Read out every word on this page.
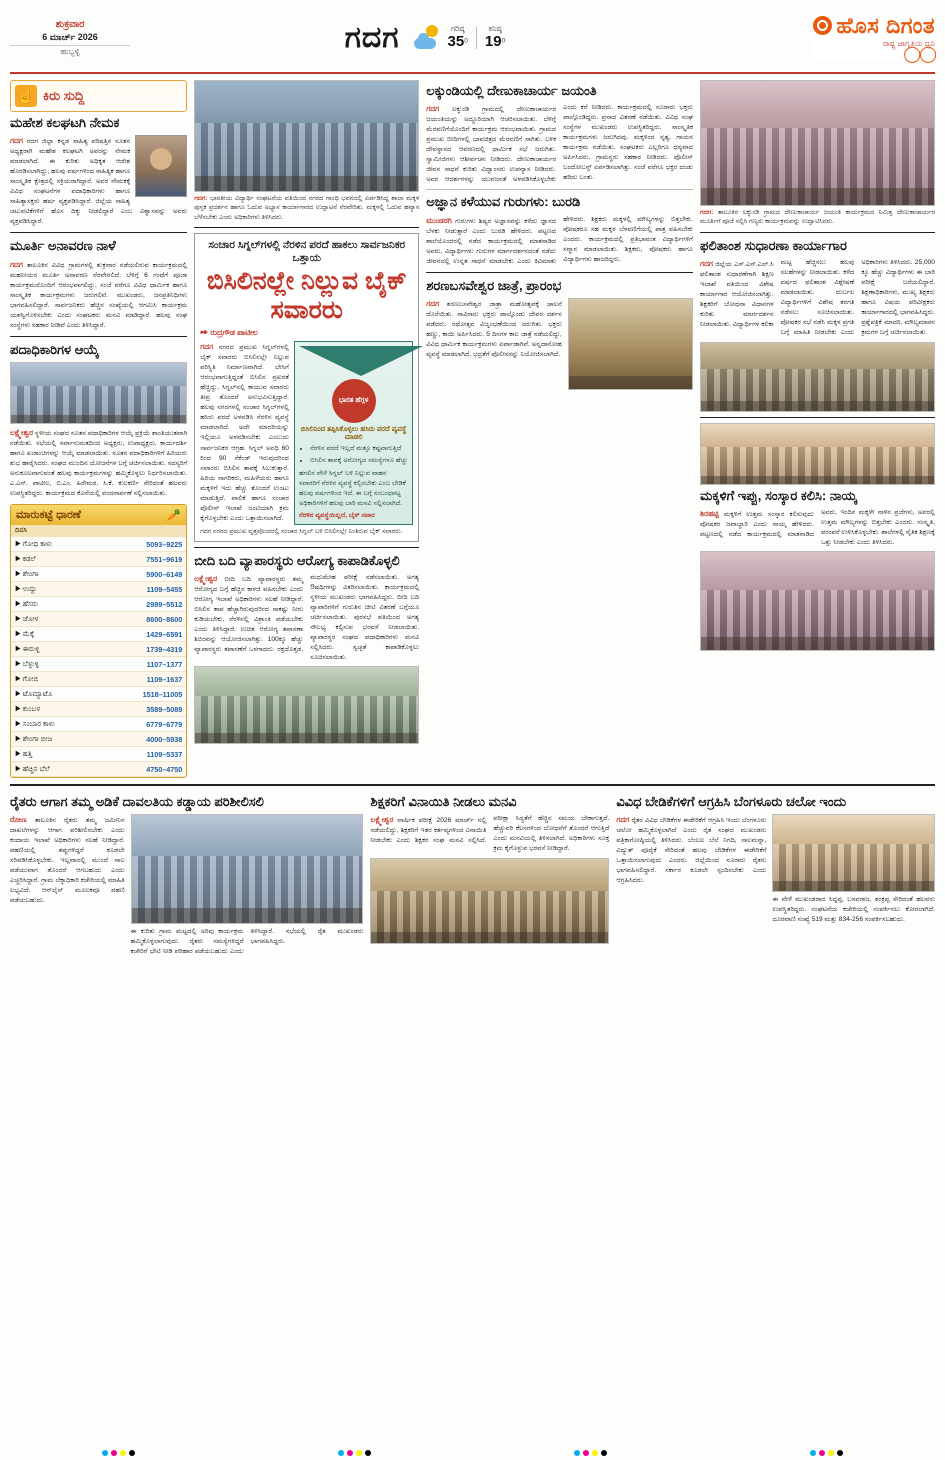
ಶುಕ್ರವಾರ
6 ಮಾರ್ಚ್ 2026
ಹುಬ್ಬಳ್ಳಿ	ಗದಗ	ಗರಿಷ್ಠ
$35^0$
ಕನಿಷ್ಠ
$19^0$
ಹೊಸ ದಿಗಂತ
ರಾಷ್ಟ್ರ ಜಾಗೃತಿಯ ಧ್ವನಿ
◯◯
☝
ಕಿರು ಸುದ್ದಿ
ಮಹೇಶ ಕಲಘಟಗಿ ನೇಮಕ
ಗದಗ ಗದಗ ಜಿಲ್ಲಾ ಕನ್ನಡ ಸಾಹಿತ್ಯ ಪರಿಷತ್ತಿನ ನೂತನ ಅಧ್ಯಕ್ಷರಾಗಿ ಮಹೇಶ ಕಲಘಟಗಿ ಅವರನ್ನು ನೇಮಕ ಮಾಡಲಾಗಿದೆ. ಈ ಕುರಿತು ಅಧಿಕೃತ ಆದೇಶ ಹೊರಡಿಸಲಾಗಿದ್ದು, ಹಲವು ವರ್ಷಗಳಿಂದ ಸಾಹಿತ್ಯಿಕ ಹಾಗೂ ಸಾಂಸ್ಕೃತಿಕ ಕ್ಷೇತ್ರದಲ್ಲಿ ಸಕ್ರಿಯರಾಗಿದ್ದಾರೆ. ಅವರ ನೇಮಕಕ್ಕೆ ವಿವಿಧ ಸಂಘಟನೆಗಳ ಪದಾಧಿಕಾರಿಗಳು ಹಾಗೂ ಸಾಹಿತ್ಯಾಸಕ್ತರು ಹರ್ಷ ವ್ಯಕ್ತಪಡಿಸಿದ್ದಾರೆ. ಜಿಲ್ಲೆಯ ಸಾಹಿತ್ಯ ಚಟುವಟಿಕೆಗಳಿಗೆ ಹೊಸ ದಿಕ್ಕು ನೀಡಲಿದ್ದಾರೆ ಎಂಬ ವಿಶ್ವಾಸವನ್ನು ಅವರು ವ್ಯಕ್ತಪಡಿಸಿದ್ದಾರೆ.
ಮೂರ್ತಿ ಅನಾವರಣ ನಾಳೆ
ಗದಗ ತಾಲೂಕಿನ ವಿವಿಧ ಗ್ರಾಮಗಳಲ್ಲಿ ಶುಕ್ರವಾರ ನಡೆಯಲಿರುವ ಕಾರ್ಯಕ್ರಮದಲ್ಲಿ ಮಹನೀಯರ ಮೂರ್ತಿ ಅನಾವರಣ ನೆರವೇರಲಿದೆ. ಬೆಳಿಗ್ಗೆ 6 ಗಂಟೆಗೆ ಪೂಜಾ ಕಾರ್ಯಕ್ರಮದೊಂದಿಗೆ ಆರಂಭವಾಗಲಿದ್ದು, ಸಂಜೆ ವರೆಗೂ ವಿವಿಧ ಧಾರ್ಮಿಕ ಹಾಗೂ ಸಾಂಸ್ಕೃತಿಕ ಕಾರ್ಯಕ್ರಮಗಳು ಜರುಗಲಿವೆ. ಮುಖಂಡರು, ಜನಪ್ರತಿನಿಧಿಗಳು ಭಾಗವಹಿಸಲಿದ್ದಾರೆ. ಸಾರ್ವಜನಿಕರು ಹೆಚ್ಚಿನ ಸಂಖ್ಯೆಯಲ್ಲಿ ಆಗಮಿಸಿ ಕಾರ್ಯಕ್ರಮ ಯಶಸ್ವಿಗೊಳಿಸಬೇಕು ಎಂದು ಸಂಘಟಕರು ಮನವಿ ಮಾಡಿದ್ದಾರೆ. ಹಲವು ಸಂಘ ಸಂಸ್ಥೆಗಳು ಸಹಕಾರ ನೀಡಿವೆ ಎಂದು ತಿಳಿಸಿದ್ದಾರೆ.
ಪದಾಧಿಕಾರಿಗಳ ಆಯ್ಕೆ
ಲಕ್ಷ್ಮೇಶ್ವರ ಸ್ಥಳೀಯ ಸಂಘದ ನೂತನ ಪದಾಧಿಕಾರಿಗಳ ಆಯ್ಕೆ ಪ್ರಕ್ರಿಯೆ ಶಾಂತಿಯುತವಾಗಿ ನಡೆಯಿತು. ಸಭೆಯಲ್ಲಿ ಸರ್ವಾನುಮತದಿಂದ ಅಧ್ಯಕ್ಷರು, ಉಪಾಧ್ಯಕ್ಷರು, ಕಾರ್ಯದರ್ಶಿ ಹಾಗೂ ಖಜಾಂಚಿಗಳನ್ನು ಆಯ್ಕೆ ಮಾಡಲಾಯಿತು. ನೂತನ ಪದಾಧಿಕಾರಿಗಳಿಗೆ ಹಿರಿಯರು ಶುಭ ಹಾರೈಸಿದರು. ಸಂಘದ ಮುಂದಿನ ಯೋಜನೆಗಳ ಬಗ್ಗೆ ಚರ್ಚಿಸಲಾಯಿತು. ಸದಸ್ಯರಿಗೆ ಅನುಕೂಲವಾಗುವಂತೆ ಹಲವು ಕಾರ್ಯಕ್ರಮಗಳನ್ನು ಹಮ್ಮಿಕೊಳ್ಳಲು ನಿರ್ಧರಿಸಲಾಯಿತು. ಎ.ಎಸ್. ಪಾಟೀಲ, ಬಿ.ಎಂ. ಹಿರೇಮಠ, ಸಿ.ಕೆ. ಕುಲಕರ್ಣಿ ಸೇರಿದಂತೆ ಹಲವರು ಉಪಸ್ಥಿತರಿದ್ದರು. ಕಾರ್ಯಕ್ರಮದ ಕೊನೆಯಲ್ಲಿ ವಂದನಾರ್ಪಣೆ ಸಲ್ಲಿಸಲಾಯಿತು.
ಮಾರುಕಟ್ಟೆ ಧಾರಣೆ	🥕
ದಿನಸಿ	
▶ ಗೋಧಿ ಕಾಳು	5093–9225
▶ ಕಡಲೆ	7551–9619
▶ ಶೇಂಗಾ	5900–6149
▶ ಉದ್ದು	1109–5455
▶ ಹೆಸರು	2989–5512
▶ ಜೋಳ	8600–8600
▶ ಮೆಕ್ಕೆ	1429–6591
▶ ಈರುಳ್ಳಿ	1739–4319
▶ ಬೆಳ್ಳುಳ್ಳಿ	1107–1377
▶ ಗೋಬಿ	1109–1637
▶ ಟೊಮ್ಯಾಟೊ	1518–11005
▶ ಕುಂಬಳ	3589–5089
▶ ಸಂಬಾರ ಕಾಳು	6779–6779
▶ ಶೇಂಗಾ ಬೀಜ	4000–5938
▶ ಹತ್ತಿ	1109–5337
▶ ಹೆಚ್ಚಿನ ಬೆಲೆ	4750–4750
ಗದಗ: ಭಾರತೀಯ ವಿದ್ಯಾರ್ಥಿ ಸಂಘಟನೆಯ ವತಿಯಿಂದ ನಗರದ ಗಾಂಧಿ ಭವನದಲ್ಲಿ ಏರ್ಪಡಿಸಿದ್ದ ಶಾಲಾ ಮಕ್ಕಳ ಪುಸ್ತಕ ಪ್ರದರ್ಶನ ಹಾಗೂ ಓದುವ ಅಭ್ಯಾಸ ಕಾರ್ಯಾಗಾರದ ಉದ್ಘಾಟನೆ ನೆರವೇರಿತು. ಮಕ್ಕಳಲ್ಲಿ ಓದುವ ಹವ್ಯಾಸ ಬೆಳೆಸಬೇಕು ಎಂದು ಅಧಿಕಾರಿಗಳು ತಿಳಿಸಿದರು.
ಸಂಚಾರ ಸಿಗ್ನಲ್‌ಗಳಲ್ಲಿ ನೆರಳಿನ ಪರದೆ ಹಾಕಲು ಸಾರ್ವಜನಿಕರ ಒತ್ತಾಯ
ಬಿಸಿಲಿನಲ್ಲೇ ನಿಲ್ಲುವ ಬೈಕ್ ಸವಾರರು
✒ ರುದ್ರಗೌಡ ಪಾಟೀಲ
ಗದಗ ನಗರದ ಪ್ರಮುಖ ಸಿಗ್ನಲ್‌ಗಳಲ್ಲಿ ಬೈಕ್ ಸವಾರರು ಬಿಸಿಲಿನಲ್ಲೇ ನಿಲ್ಲುವ ಪರಿಸ್ಥಿತಿ ನಿರ್ಮಾಣವಾಗಿದೆ. ಬೇಸಿಗೆ ಆರಂಭವಾಗುತ್ತಿದ್ದಂತೆ ಬಿಸಿಲಿನ ಪ್ರಖರತೆ ಹೆಚ್ಚಿದ್ದು, ಸಿಗ್ನಲ್‌ನಲ್ಲಿ ಕಾಯುವ ಸವಾರರು ತೀವ್ರ ತೊಂದರೆ ಅನುಭವಿಸುತ್ತಿದ್ದಾರೆ. ಹಲವು ನಗರಗಳಲ್ಲಿ ಸಂಚಾರ ಸಿಗ್ನಲ್‌ಗಳಲ್ಲಿ ಹಸಿರು ಪರದೆ ಅಳವಡಿಸಿ ನೆರಳಿನ ವ್ಯವಸ್ಥೆ ಮಾಡಲಾಗಿದೆ. ಅದೇ ಮಾದರಿಯನ್ನು ಇಲ್ಲಿಯೂ ಅಳವಡಿಸಬೇಕು ಎಂಬುದು ಸಾರ್ವಜನಿಕರ ಆಗ್ರಹ. ಸಿಗ್ನಲ್ ಅವಧಿ 60 ರಿಂದ 90 ಸೆಕೆಂಡ್ ಇರುವುದರಿಂದ ಸವಾರರು ಬಿಸಿಲಿನ ತಾಪಕ್ಕೆ ಸಿಲುಕುತ್ತಾರೆ. ಹಿರಿಯ ನಾಗರಿಕರು, ಮಹಿಳೆಯರು ಹಾಗೂ ಮಕ್ಕಳಿಗೆ ಇದು ಹೆಚ್ಚು ತೊಂದರೆ ಉಂಟು ಮಾಡುತ್ತಿದೆ. ಪಾಲಿಕೆ ಹಾಗೂ ಸಂಚಾರ ಪೊಲೀಸ್ ಇಲಾಖೆ ಜಂಟಿಯಾಗಿ ಕ್ರಮ ಕೈಗೊಳ್ಳಬೇಕು ಎಂದು ಒತ್ತಾಯಿಸಲಾಗಿದೆ.
ಭಾರತ ಹೆಗ್ಗಳ
ಬಿಸಿಲಿನಿಂದ ತಪ್ಪಿಸಿಕೊಳ್ಳಲು ಹಸಿರು ಪರದೆ ವ್ಯವಸ್ಥೆ ಮಾಡಲಿ
• ನೆರಳಿನ ಪರದೆ ಇಲ್ಲದೆ ಮತ್ತೂ ಕಷ್ಟವಾಗುತ್ತಿದೆ
• ಬಿಸಿಲಿನ ತಾಪಕ್ಕೆ ಅರೋಗ್ಯದ ಸಮಸ್ಯೆಗಳೂ ಹೆಚ್ಚು
ಹಗಲಿನ ವೇಳೆ ಸಿಗ್ನಲ್ ಬಳಿ ನಿಲ್ಲುವ ವಾಹನ ಸವಾರರಿಗೆ ನೆರಳಿನ ವ್ಯವಸ್ಥೆ ಕಲ್ಪಿಸಬೇಕು ಎಂಬ ಬೇಡಿಕೆ ಹಲವು ವರ್ಷಗಳಿಂದ ಇದೆ. ಈ ಬಗ್ಗೆ ಸಂಬಂಧಪಟ್ಟ ಅಧಿಕಾರಿಗಳಿಗೆ ಹಲವು ಬಾರಿ ಮನವಿ ಸಲ್ಲಿಸಲಾಗಿದೆ.
ನೆರಳಿನ ವ್ಯವಸ್ಥೆಯಿಲ್ಲದೆ, ಬೈಕ್ ಸವಾರ
ಗದಗ ನಗರದ ಪ್ರಮುಖ ವೃತ್ತವೊಂದರಲ್ಲಿ ಸಂಚಾರ ಸಿಗ್ನಲ್ ಬಳಿ ಬಿಸಿಲಿನಲ್ಲೇ ನಿಂತಿರುವ ಬೈಕ್ ಸವಾರರು.
ಬೀದಿ ಬದಿ ವ್ಯಾಪಾರಸ್ಥರು ಆರೋಗ್ಯ ಕಾಪಾಡಿಕೊಳ್ಳಲಿ
ಲಕ್ಷ್ಮೇಶ್ವರ ಬೀದಿ ಬದಿ ವ್ಯಾಪಾರಸ್ಥರು ತಮ್ಮ ಆರೋಗ್ಯದ ಬಗ್ಗೆ ಹೆಚ್ಚಿನ ಕಾಳಜಿ ವಹಿಸಬೇಕು ಎಂದು ಆರೋಗ್ಯ ಇಲಾಖೆ ಅಧಿಕಾರಿಗಳು ಸಲಹೆ ನೀಡಿದ್ದಾರೆ. ಬಿಸಿಲಿನ ತಾಪ ಹೆಚ್ಚಾಗಿರುವುದರಿಂದ ಸಾಕಷ್ಟು ನೀರು ಕುಡಿಯಬೇಕು, ನೆರಳಿನಲ್ಲಿ ವಿಶ್ರಾಂತಿ ಪಡೆಯಬೇಕು ಎಂದು ತಿಳಿಸಿದ್ದಾರೆ. ಉಚಿತ ಆರೋಗ್ಯ ತಪಾಸಣಾ ಶಿಬಿರವನ್ನು ಆಯೋಜಿಸಲಾಗಿತ್ತು. 100ಕ್ಕೂ ಹೆಚ್ಚು ವ್ಯಾಪಾರಸ್ಥರು ತಪಾಸಣೆಗೆ ಒಳಗಾದರು. ರಕ್ತದೊತ್ತಡ, ಮಧುಮೇಹ ಪರೀಕ್ಷೆ ನಡೆಸಲಾಯಿತು. ಅಗತ್ಯ ಔಷಧಿಗಳನ್ನು ವಿತರಿಸಲಾಯಿತು. ಕಾರ್ಯಕ್ರಮದಲ್ಲಿ ಸ್ಥಳೀಯ ಮುಖಂಡರು ಭಾಗವಹಿಸಿದ್ದರು. ಬೀದಿ ಬದಿ ವ್ಯಾಪಾರಿಗಳಿಗೆ ಗುರುತಿನ ಚೀಟಿ ವಿತರಣೆ ಬಗ್ಗೆಯೂ ಚರ್ಚಿಸಲಾಯಿತು. ಪುರಸಭೆ ವತಿಯಿಂದ ಅಗತ್ಯ ಸೌಲಭ್ಯ ಕಲ್ಪಿಸುವ ಭರವಸೆ ನೀಡಲಾಯಿತು. ವ್ಯಾಪಾರಸ್ಥರ ಸಂಘದ ಪದಾಧಿಕಾರಿಗಳು ಮನವಿ ಸಲ್ಲಿಸಿದರು. ಸ್ವಚ್ಛತೆ ಕಾಪಾಡಿಕೊಳ್ಳಲು ಸೂಚಿಸಲಾಯಿತು.
ಲಕ್ಕುಂಡಿಯಲ್ಲಿ ದೇಣುಕಾಚಾರ್ಯ ಜಯಂತಿ
ಗದಗ ಲಕ್ಕುಂಡಿ ಗ್ರಾಮದಲ್ಲಿ ದೇಣುಕಾಚಾರ್ಯರ ಜಯಂತಿಯನ್ನು ಅದ್ಧೂರಿಯಾಗಿ ಆಚರಿಸಲಾಯಿತು. ಬೆಳಿಗ್ಗೆ ಮೆರವಣಿಗೆಯೊಂದಿಗೆ ಕಾರ್ಯಕ್ರಮ ಆರಂಭವಾಯಿತು. ಗ್ರಾಮದ ಪ್ರಮುಖ ಬೀದಿಗಳಲ್ಲಿ ಭಾವಚಿತ್ರದ ಮೆರವಣಿಗೆ ಸಾಗಿತು. ಬಳಿಕ ದೇವಸ್ಥಾನದ ಆವರಣದಲ್ಲಿ ಧಾರ್ಮಿಕ ಸಭೆ ಜರುಗಿತು. ಸ್ವಾಮೀಜಿಗಳು ಆಶೀರ್ವಚನ ನೀಡಿದರು. ದೇಣುಕಾಚಾರ್ಯರ ಜೀವನ ಸಾಧನೆ ಕುರಿತು ವಿದ್ವಾಂಸರು ಉಪನ್ಯಾಸ ನೀಡಿದರು. ಅವರ ಆದರ್ಶಗಳನ್ನು ಯುವಜನತೆ ಅಳವಡಿಸಿಕೊಳ್ಳಬೇಕು ಎಂದು ಕರೆ ನೀಡಿದರು. ಕಾರ್ಯಕ್ರಮದಲ್ಲಿ ನೂರಾರು ಭಕ್ತರು ಪಾಲ್ಗೊಂಡಿದ್ದರು. ಪ್ರಸಾದ ವಿತರಣೆ ನಡೆಯಿತು. ವಿವಿಧ ಸಂಘ ಸಂಸ್ಥೆಗಳ ಮುಖಂಡರು ಉಪಸ್ಥಿತರಿದ್ದರು. ಸಾಂಸ್ಕೃತಿಕ ಕಾರ್ಯಕ್ರಮಗಳು ಜರುಗಿದವು. ಮಕ್ಕಳಿಂದ ನೃತ್ಯ, ಗಾಯನ ಕಾರ್ಯಕ್ರಮ ನಡೆಯಿತು. ಸಂಘಟಕರು ಎಲ್ಲರಿಗೂ ಧನ್ಯವಾದ ಅರ್ಪಿಸಿದರು. ಗ್ರಾಮಸ್ಥರು ಸಹಕಾರ ನೀಡಿದರು. ಪೊಲೀಸ್ ಬಂದೋಬಸ್ತ್ ಏರ್ಪಡಿಸಲಾಗಿತ್ತು. ಸಂಜೆ ವರೆಗೂ ಭಕ್ತರ ದಂಡು ಹರಿದು ಬಂತು.
ಅಜ್ಞಾನ ಕಳೆಯುವ ಗುರುಗಳು: ಬುರಡಿ
ಮುಂಡರಗಿ ಗುರುಗಳು ಶಿಷ್ಯರ ಅಜ್ಞಾನವನ್ನು ಕಳೆದು ಜ್ಞಾನದ ಬೆಳಕು ನೀಡುತ್ತಾರೆ ಎಂದು ಬುರಡಿ ಹೇಳಿದರು. ಪಟ್ಟಣದ ಶಾಲೆಯೊಂದರಲ್ಲಿ ನಡೆದ ಕಾರ್ಯಕ್ರಮದಲ್ಲಿ ಮಾತನಾಡಿದ ಅವರು, ವಿದ್ಯಾರ್ಥಿಗಳು ಗುರುಗಳ ಮಾರ್ಗದರ್ಶನದಂತೆ ನಡೆದು ಜೀವನದಲ್ಲಿ ಉನ್ನತ ಸಾಧನೆ ಮಾಡಬೇಕು ಎಂದು ಕಿವಿಮಾತು ಹೇಳಿದರು. ಶಿಕ್ಷಕರು ಮಕ್ಕಳಲ್ಲಿ ಮೌಲ್ಯಗಳನ್ನು ಬಿತ್ತಬೇಕು. ಪೋಷಕರೂ ಸಹ ಮಕ್ಕಳ ಬೆಳವಣಿಗೆಯಲ್ಲಿ ಪಾತ್ರ ವಹಿಸಬೇಕು ಎಂದರು. ಕಾರ್ಯಕ್ರಮದಲ್ಲಿ ಪ್ರತಿಭಾವಂತ ವಿದ್ಯಾರ್ಥಿಗಳಿಗೆ ಸನ್ಮಾನ ಮಾಡಲಾಯಿತು. ಶಿಕ್ಷಕರು, ಪೋಷಕರು ಹಾಗೂ ವಿದ್ಯಾರ್ಥಿಗಳು ಹಾಜರಿದ್ದರು.
ಶರಣಬಸವೇಶ್ವರ ಜಾತ್ರೆ, ಪ್ರಾರಂಭ
ಗದಗ ಶರಣಬಸವೇಶ್ವರ ಜಾತ್ರಾ ಮಹೋತ್ಸವಕ್ಕೆ ಚಾಲನೆ ದೊರೆಯಿತು. ಸಾವಿರಾರು ಭಕ್ತರು ಪಾಲ್ಗೊಂಡು ದೇವರ ದರ್ಶನ ಪಡೆದರು. ರಥೋತ್ಸವ ವಿಜೃಂಭಣೆಯಿಂದ ಜರುಗಿತು. ಭಕ್ತರು ಹಣ್ಣು, ಕಾಯಿ ಅರ್ಪಿಸಿದರು. 5 ದಿನಗಳ ಕಾಲ ಜಾತ್ರೆ ನಡೆಯಲಿದ್ದು, ವಿವಿಧ ಧಾರ್ಮಿಕ ಕಾರ್ಯಕ್ರಮಗಳು ಏರ್ಪಾಡಾಗಿವೆ. ಅನ್ನದಾಸೋಹ ವ್ಯವಸ್ಥೆ ಮಾಡಲಾಗಿದೆ. ಭದ್ರತೆಗೆ ಪೊಲೀಸರನ್ನು ನಿಯೋಜಿಸಲಾಗಿದೆ.
ಗದಗ: ತಾಲೂಕಿನ ಲಕ್ಕುಂಡಿ ಗ್ರಾಮದ ದೇಣುಕಾಚಾರ್ಯ ಜಯಂತಿ ಕಾರ್ಯಕ್ರಮದ ನಿಮಿತ್ತ ದೇಣುಕಾಚಾರ್ಯರ ಮೂರ್ತಿಗೆ ಪೂಜೆ ಸಲ್ಲಿಸಿ ಗಣ್ಯರು ಕಾರ್ಯಕ್ರಮವನ್ನು ಉದ್ಘಾಟಿಸಿದರು.
ಫಲಿತಾಂಶ ಸುಧಾರಣಾ ಕಾರ್ಯಾಗಾರ
ಗದಗ ಜಿಲ್ಲೆಯ ಎಸ್.ಎಸ್.ಎಲ್.ಸಿ ಫಲಿತಾಂಶ ಸುಧಾರಣೆಗಾಗಿ ಶಿಕ್ಷಣ ಇಲಾಖೆ ವತಿಯಿಂದ ವಿಶೇಷ ಕಾರ್ಯಾಗಾರ ಆಯೋಜಿಸಲಾಗಿತ್ತು. ಶಿಕ್ಷಕರಿಗೆ ಬೋಧನಾ ವಿಧಾನಗಳ ಕುರಿತು ಮಾರ್ಗದರ್ಶನ ನೀಡಲಾಯಿತು. ವಿದ್ಯಾರ್ಥಿಗಳ ಕಲಿಕಾ ಮಟ್ಟ ಹೆಚ್ಚಿಸಲು ಹಲವು ಸಲಹೆಗಳನ್ನು ನೀಡಲಾಯಿತು. ಕಳೆದ ವರ್ಷದ ಫಲಿತಾಂಶ ವಿಶ್ಲೇಷಣೆ ಮಾಡಲಾಯಿತು. ದುರ್ಬಲ ವಿದ್ಯಾರ್ಥಿಗಳಿಗೆ ವಿಶೇಷ ತರಗತಿ ನಡೆಸಲು ಸೂಚಿಸಲಾಯಿತು. ಪೋಷಕರ ಸಭೆ ನಡೆಸಿ ಮಕ್ಕಳ ಪ್ರಗತಿ ಬಗ್ಗೆ ಮಾಹಿತಿ ನೀಡಬೇಕು ಎಂದು ಅಧಿಕಾರಿಗಳು ತಿಳಿಸಿದರು. 25,000 ಕ್ಕೂ ಹೆಚ್ಚು ವಿದ್ಯಾರ್ಥಿಗಳು ಈ ಬಾರಿ ಪರೀಕ್ಷೆ ಬರೆಯಲಿದ್ದಾರೆ. ಶಿಕ್ಷಣಾಧಿಕಾರಿಗಳು, ಮುಖ್ಯ ಶಿಕ್ಷಕರು ಹಾಗೂ ವಿಷಯ ಪರಿವೀಕ್ಷಕರು ಕಾರ್ಯಾಗಾರದಲ್ಲಿ ಭಾಗವಹಿಸಿದ್ದರು. ಪ್ರಶ್ನೆಪತ್ರಿಕೆ ಮಾದರಿ, ಮೌಲ್ಯಮಾಪನ ಕ್ರಮಗಳ ಬಗ್ಗೆ ಚರ್ಚಿಸಲಾಯಿತು.
ಮಕ್ಕಳಿಗೆ ಇಪ್ಪು, ಸಂಸ್ಕಾರ ಕಲಿಸಿ: ನಾಯ್ಕ
ಶಿರಹಟ್ಟಿ ಮಕ್ಕಳಿಗೆ ಉತ್ತಮ ಸಂಸ್ಕಾರ ಕಲಿಸುವುದು ಪೋಷಕರ ಜವಾಬ್ದಾರಿ ಎಂದು ನಾಯ್ಕ ಹೇಳಿದರು. ಪಟ್ಟಣದಲ್ಲಿ ನಡೆದ ಕಾರ್ಯಕ್ರಮದಲ್ಲಿ ಮಾತನಾಡಿದ ಅವರು, ಇಂದಿನ ಮಕ್ಕಳೇ ನಾಳಿನ ಪ್ರಜೆಗಳು, ಅವರಲ್ಲಿ ಉತ್ತಮ ಮೌಲ್ಯಗಳನ್ನು ಬಿತ್ತಬೇಕು ಎಂದರು. ಸಂಸ್ಕೃತಿ, ಪರಂಪರೆ ಉಳಿಸಿಕೊಳ್ಳಬೇಕು. ಶಾಲೆಗಳಲ್ಲಿ ನೈತಿಕ ಶಿಕ್ಷಣಕ್ಕೆ ಒತ್ತು ನೀಡಬೇಕು ಎಂದು ತಿಳಿಸಿದರು.
ರೈತರು ಆಗಾಗ ತಮ್ಮ ಅಡಿಕೆ ದಾವಲತಿಯ ಕಡ್ಡಾಯ ಪರಿಶೀಲಿಸಲಿ
ರೋಣ ತಾಲೂಕಿನ ರೈತರು ತಮ್ಮ ಜಮೀನಿನ ದಾಖಲೆಗಳನ್ನು ಆಗಾಗ ಪರಿಶೀಲಿಸಬೇಕು ಎಂದು ಕಂದಾಯ ಇಲಾಖೆ ಅಧಿಕಾರಿಗಳು ಸಲಹೆ ನೀಡಿದ್ದಾರೆ. ಪಹಣಿಯಲ್ಲಿ ತಪ್ಪುಗಳಿದ್ದರೆ ಕೂಡಲೇ ಸರಿಪಡಿಸಿಕೊಳ್ಳಬೇಕು. ಇಲ್ಲವಾದಲ್ಲಿ ಮುಂದೆ ಸಾಲ ಪಡೆಯುವಾಗ ತೊಂದರೆ ಆಗಬಹುದು ಎಂದು ಎಚ್ಚರಿಸಿದ್ದಾರೆ. ಗ್ರಾಮ ಲೆಕ್ಕಾಧಿಕಾರಿ ಕಚೇರಿಯಲ್ಲಿ ಮಾಹಿತಿ ಲಭ್ಯವಿದೆ. ಆನ್‌ಲೈನ್ ಮೂಲಕವೂ ಪಹಣಿ ಪಡೆಯಬಹುದು.
ಈ ಕುರಿತು ಗ್ರಾಮ ಮಟ್ಟದಲ್ಲಿ ಅರಿವು ಕಾರ್ಯಕ್ರಮ ಹಮ್ಮಿಕೊಳ್ಳಲಾಗುವುದು. ರೈತರು ಸಮಸ್ಯೆಗಳಿದ್ದರೆ ಕಚೇರಿಗೆ ಭೇಟಿ ನೀಡಿ ಪರಿಹಾರ ಪಡೆಯಬಹುದು ಎಂದು ತಿಳಿಸಿದ್ದಾರೆ. ಸಭೆಯಲ್ಲಿ ರೈತ ಮುಖಂಡರು ಭಾಗವಹಿಸಿದ್ದರು.
ಶಿಕ್ಷಕರಿಗೆ ವಿನಾಯಿತಿ ನೀಡಲು ಮನವಿ
ಲಕ್ಷ್ಮೇಶ್ವರ ವಾರ್ಷಿಕ ಪರೀಕ್ಷೆ 2026 ಮಾರ್ಚ್ ನಲ್ಲಿ ನಡೆಯಲಿದ್ದು, ಶಿಕ್ಷಕರಿಗೆ ಇತರ ಕರ್ತವ್ಯಗಳಿಂದ ವಿನಾಯಿತಿ ನೀಡಬೇಕು ಎಂದು ಶಿಕ್ಷಕರ ಸಂಘ ಮನವಿ ಸಲ್ಲಿಸಿದೆ. ಪರೀಕ್ಷಾ ಸಿದ್ಧತೆಗೆ ಹೆಚ್ಚಿನ ಸಮಯ ಬೇಕಾಗುತ್ತದೆ. ಹೆಚ್ಚುವರಿ ಕೆಲಸಗಳಿಂದ ಬೋಧನೆಗೆ ತೊಂದರೆ ಆಗುತ್ತಿದೆ ಎಂದು ಮನವಿಯಲ್ಲಿ ತಿಳಿಸಲಾಗಿದೆ. ಅಧಿಕಾರಿಗಳು ಸೂಕ್ತ ಕ್ರಮ ಕೈಗೊಳ್ಳುವ ಭರವಸೆ ನೀಡಿದ್ದಾರೆ.
ವಿವಿಧ ಬೇಡಿಕೆಗಳಿಗೆ ಆಗ್ರಹಿಸಿ ಬೆಂಗಳೂರು ಚಲೋ ಇಂದು
ಗದಗ ರೈತರ ವಿವಿಧ ಬೇಡಿಕೆಗಳ ಈಡೇರಿಕೆಗೆ ಆಗ್ರಹಿಸಿ ಇಂದು ಬೆಂಗಳೂರು ಚಲೋ ಹಮ್ಮಿಕೊಳ್ಳಲಾಗಿದೆ ಎಂದು ರೈತ ಸಂಘದ ಮುಖಂಡರು ಪತ್ರಿಕಾಗೋಷ್ಠಿಯಲ್ಲಿ ತಿಳಿಸಿದರು. ಬೆಂಬಲ ಬೆಲೆ ನಿಗದಿ, ಸಾಲಮನ್ನಾ, ವಿದ್ಯುತ್ ಪೂರೈಕೆ ಸೇರಿದಂತೆ ಹಲವು ಬೇಡಿಕೆಗಳ ಈಡೇರಿಕೆಗೆ ಒತ್ತಾಯಿಸಲಾಗುವುದು ಎಂದರು. ಜಿಲ್ಲೆಯಿಂದ ನೂರಾರು ರೈತರು ಭಾಗವಹಿಸಲಿದ್ದಾರೆ. ಸರ್ಕಾರ ಕೂಡಲೇ ಸ್ಪಂದಿಸಬೇಕು ಎಂದು ಆಗ್ರಹಿಸಿದರು.
ಈ ವೇಳೆ ಮುಖಂಡರಾದ ಸಿದ್ದಪ್ಪ, ಬಸವರಾಜ, ಶಂಕ್ರಪ್ಪ ಸೇರಿದಂತೆ ಹಲವರು ಉಪಸ್ಥಿತರಿದ್ದರು. ಸಂಘಟನೆಯ ಕಚೇರಿಯಲ್ಲಿ ಸಂಪರ್ಕಿಸಲು ಕೋರಲಾಗಿದೆ. ದೂರವಾಣಿ ಸಂಖ್ಯೆ 519 ಮತ್ತು 834-256 ಸಂಪರ್ಕಿಸಬಹುದು.
